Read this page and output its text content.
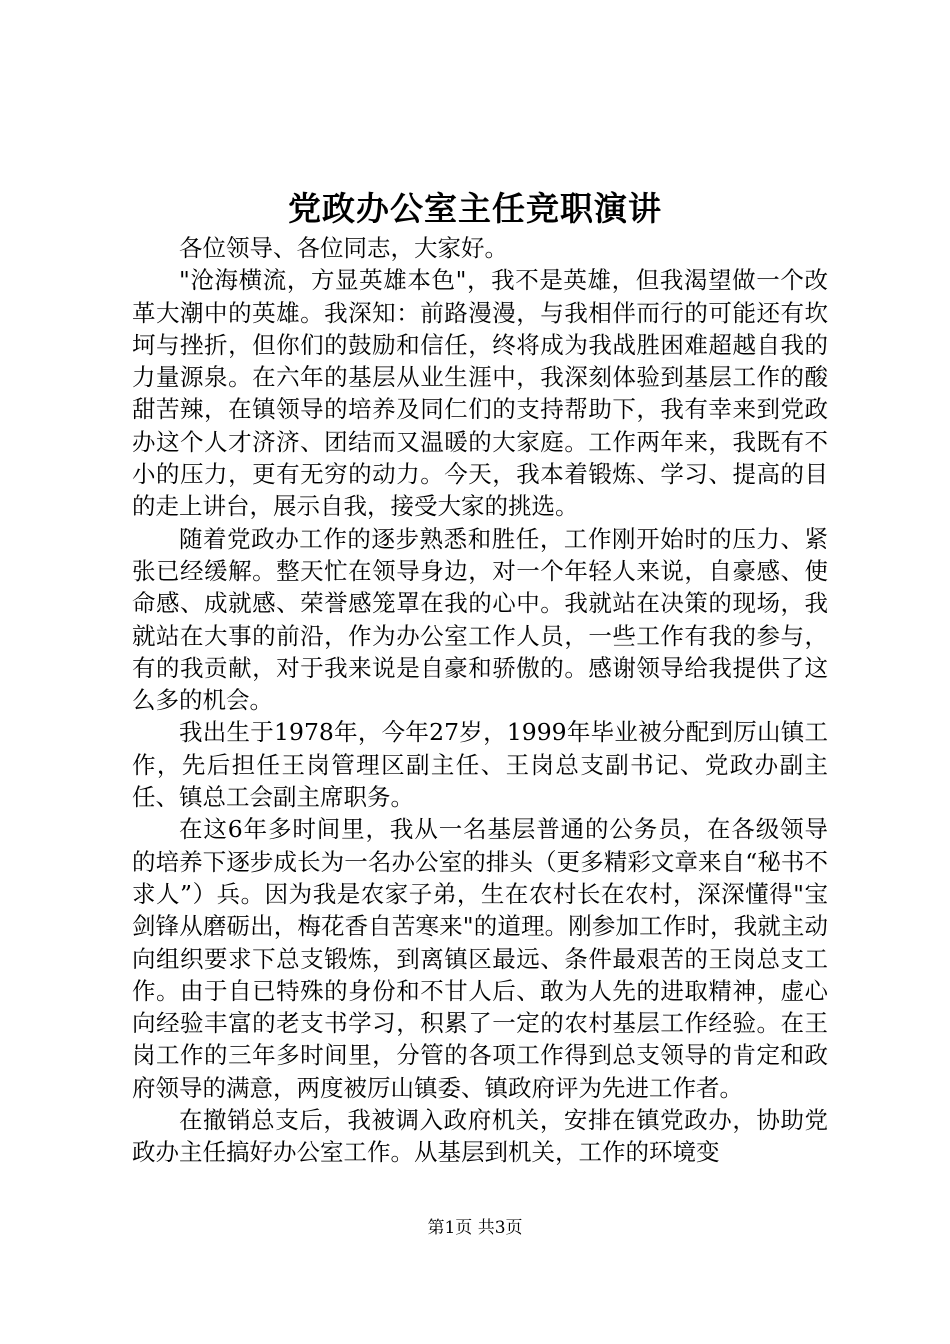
党政办公室主任竞职演讲

各位领导、各位同志，大家好。

"沧海横流，方显英雄本色"，我不是英雄，但我渴望做一个改革大潮中的英雄。我深知：前路漫漫，与我相伴而行的可能还有坎坷与挫折，但你们的鼓励和信任，终将成为我战胜困难超越自我的力量源泉。在六年的基层从业生涯中，我深刻体验到基层工作的酸甜苦辣，在镇领导的培养及同仁们的支持帮助下，我有幸来到党政办这个人才济济、团结而又温暖的大家庭。工作两年来，我既有不小的压力，更有无穷的动力。今天，我本着锻炼、学习、提高的目的走上讲台，展示自我，接受大家的挑选。

随着党政办工作的逐步熟悉和胜任，工作刚开始时的压力、紧张已经缓解。整天忙在领导身边，对一个年轻人来说，自豪感、使命感、成就感、荣誉感笼罩在我的心中。我就站在决策的现场，我就站在大事的前沿，作为办公室工作人员，一些工作有我的参与，有的我贡献，对于我来说是自豪和骄傲的。感谢领导给我提供了这么多的机会。

我出生于1978年，今年27岁，1999年毕业被分配到厉山镇工作，先后担任王岗管理区副主任、王岗总支副书记、党政办副主任、镇总工会副主席职务。

在这6年多时间里，我从一名基层普通的公务员，在各级领导的培养下逐步成长为一名办公室的排头（更多精彩文章来自“秘书不求人”）兵。因为我是农家子弟，生在农村长在农村，深深懂得"宝剑锋从磨砺出，梅花香自苦寒来"的道理。刚参加工作时，我就主动向组织要求下总支锻炼，到离镇区最远、条件最艰苦的王岗总支工作。由于自已特殊的身份和不甘人后、敢为人先的进取精神，虚心向经验丰富的老支书学习，积累了一定的农村基层工作经验。在王岗工作的三年多时间里，分管的各项工作得到总支领导的肯定和政府领导的满意，两度被厉山镇委、镇政府评为先进工作者。

在撤销总支后，我被调入政府机关，安排在镇党政办，协助党政办主任搞好办公室工作。从基层到机关，工作的环境变

第1页 共3页
